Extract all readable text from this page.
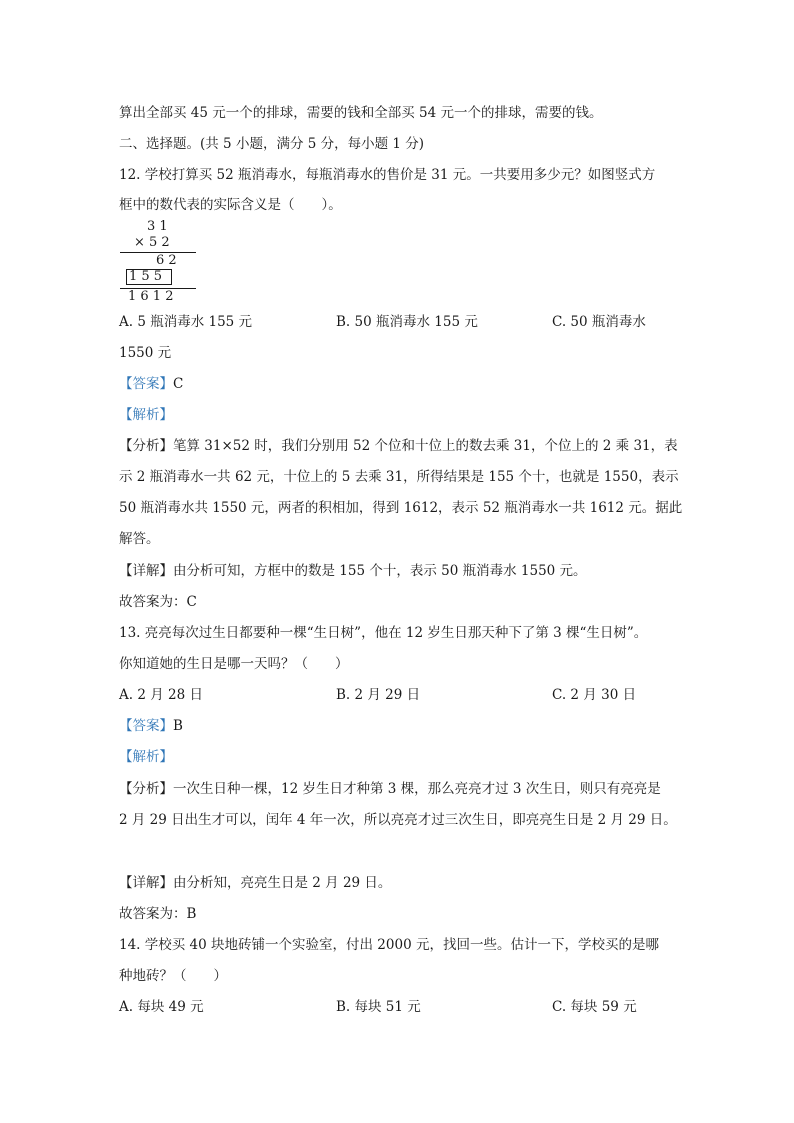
算出全部买 45 元一个的排球，需要的钱和全部买 54 元一个的排球，需要的钱。
二、选择题。(共 5 小题，满分 5 分，每小题 1 分)
12. 学校打算买 52 瓶消毒水，每瓶消毒水的售价是 31 元。一共要用多少元？如图竖式方
框中的数代表的实际含义是（　　）。
3 1
× 5 2
6 2
1 5 5
1 6 1 2
A. 5 瓶消毒水 155 元	B. 50 瓶消毒水 155 元	C. 50 瓶消毒水
1550 元
【答案】C
【解析】
【分析】笔算 31×52 时，我们分别用 52 个位和十位上的数去乘 31，个位上的 2 乘 31，表
示 2 瓶消毒水一共 62 元，十位上的 5 去乘 31，所得结果是 155 个十，也就是 1550，表示
50 瓶消毒水共 1550 元，两者的积相加，得到 1612，表示 52 瓶消毒水一共 1612 元。据此
解答。
【详解】由分析可知，方框中的数是 155 个十，表示 50 瓶消毒水 1550 元。
故答案为：C
13. 亮亮每次过生日都要种一棵“生日树”，他在 12 岁生日那天种下了第 3 棵“生日树”。
你知道她的生日是哪一天吗？（　　）
A. 2 月 28 日	B. 2 月 29 日	C. 2 月 30 日
【答案】B
【解析】
【分析】一次生日种一棵，12 岁生日才种第 3 棵，那么亮亮才过 3 次生日，则只有亮亮是
2 月 29 日出生才可以，闰年 4 年一次，所以亮亮才过三次生日，即亮亮生日是 2 月 29 日。
【详解】由分析知，亮亮生日是 2 月 29 日。
故答案为：B
14. 学校买 40 块地砖铺一个实验室，付出 2000 元，找回一些。估计一下，学校买的是哪
种地砖？（　　）
A. 每块 49 元	B. 每块 51 元	C. 每块 59 元
